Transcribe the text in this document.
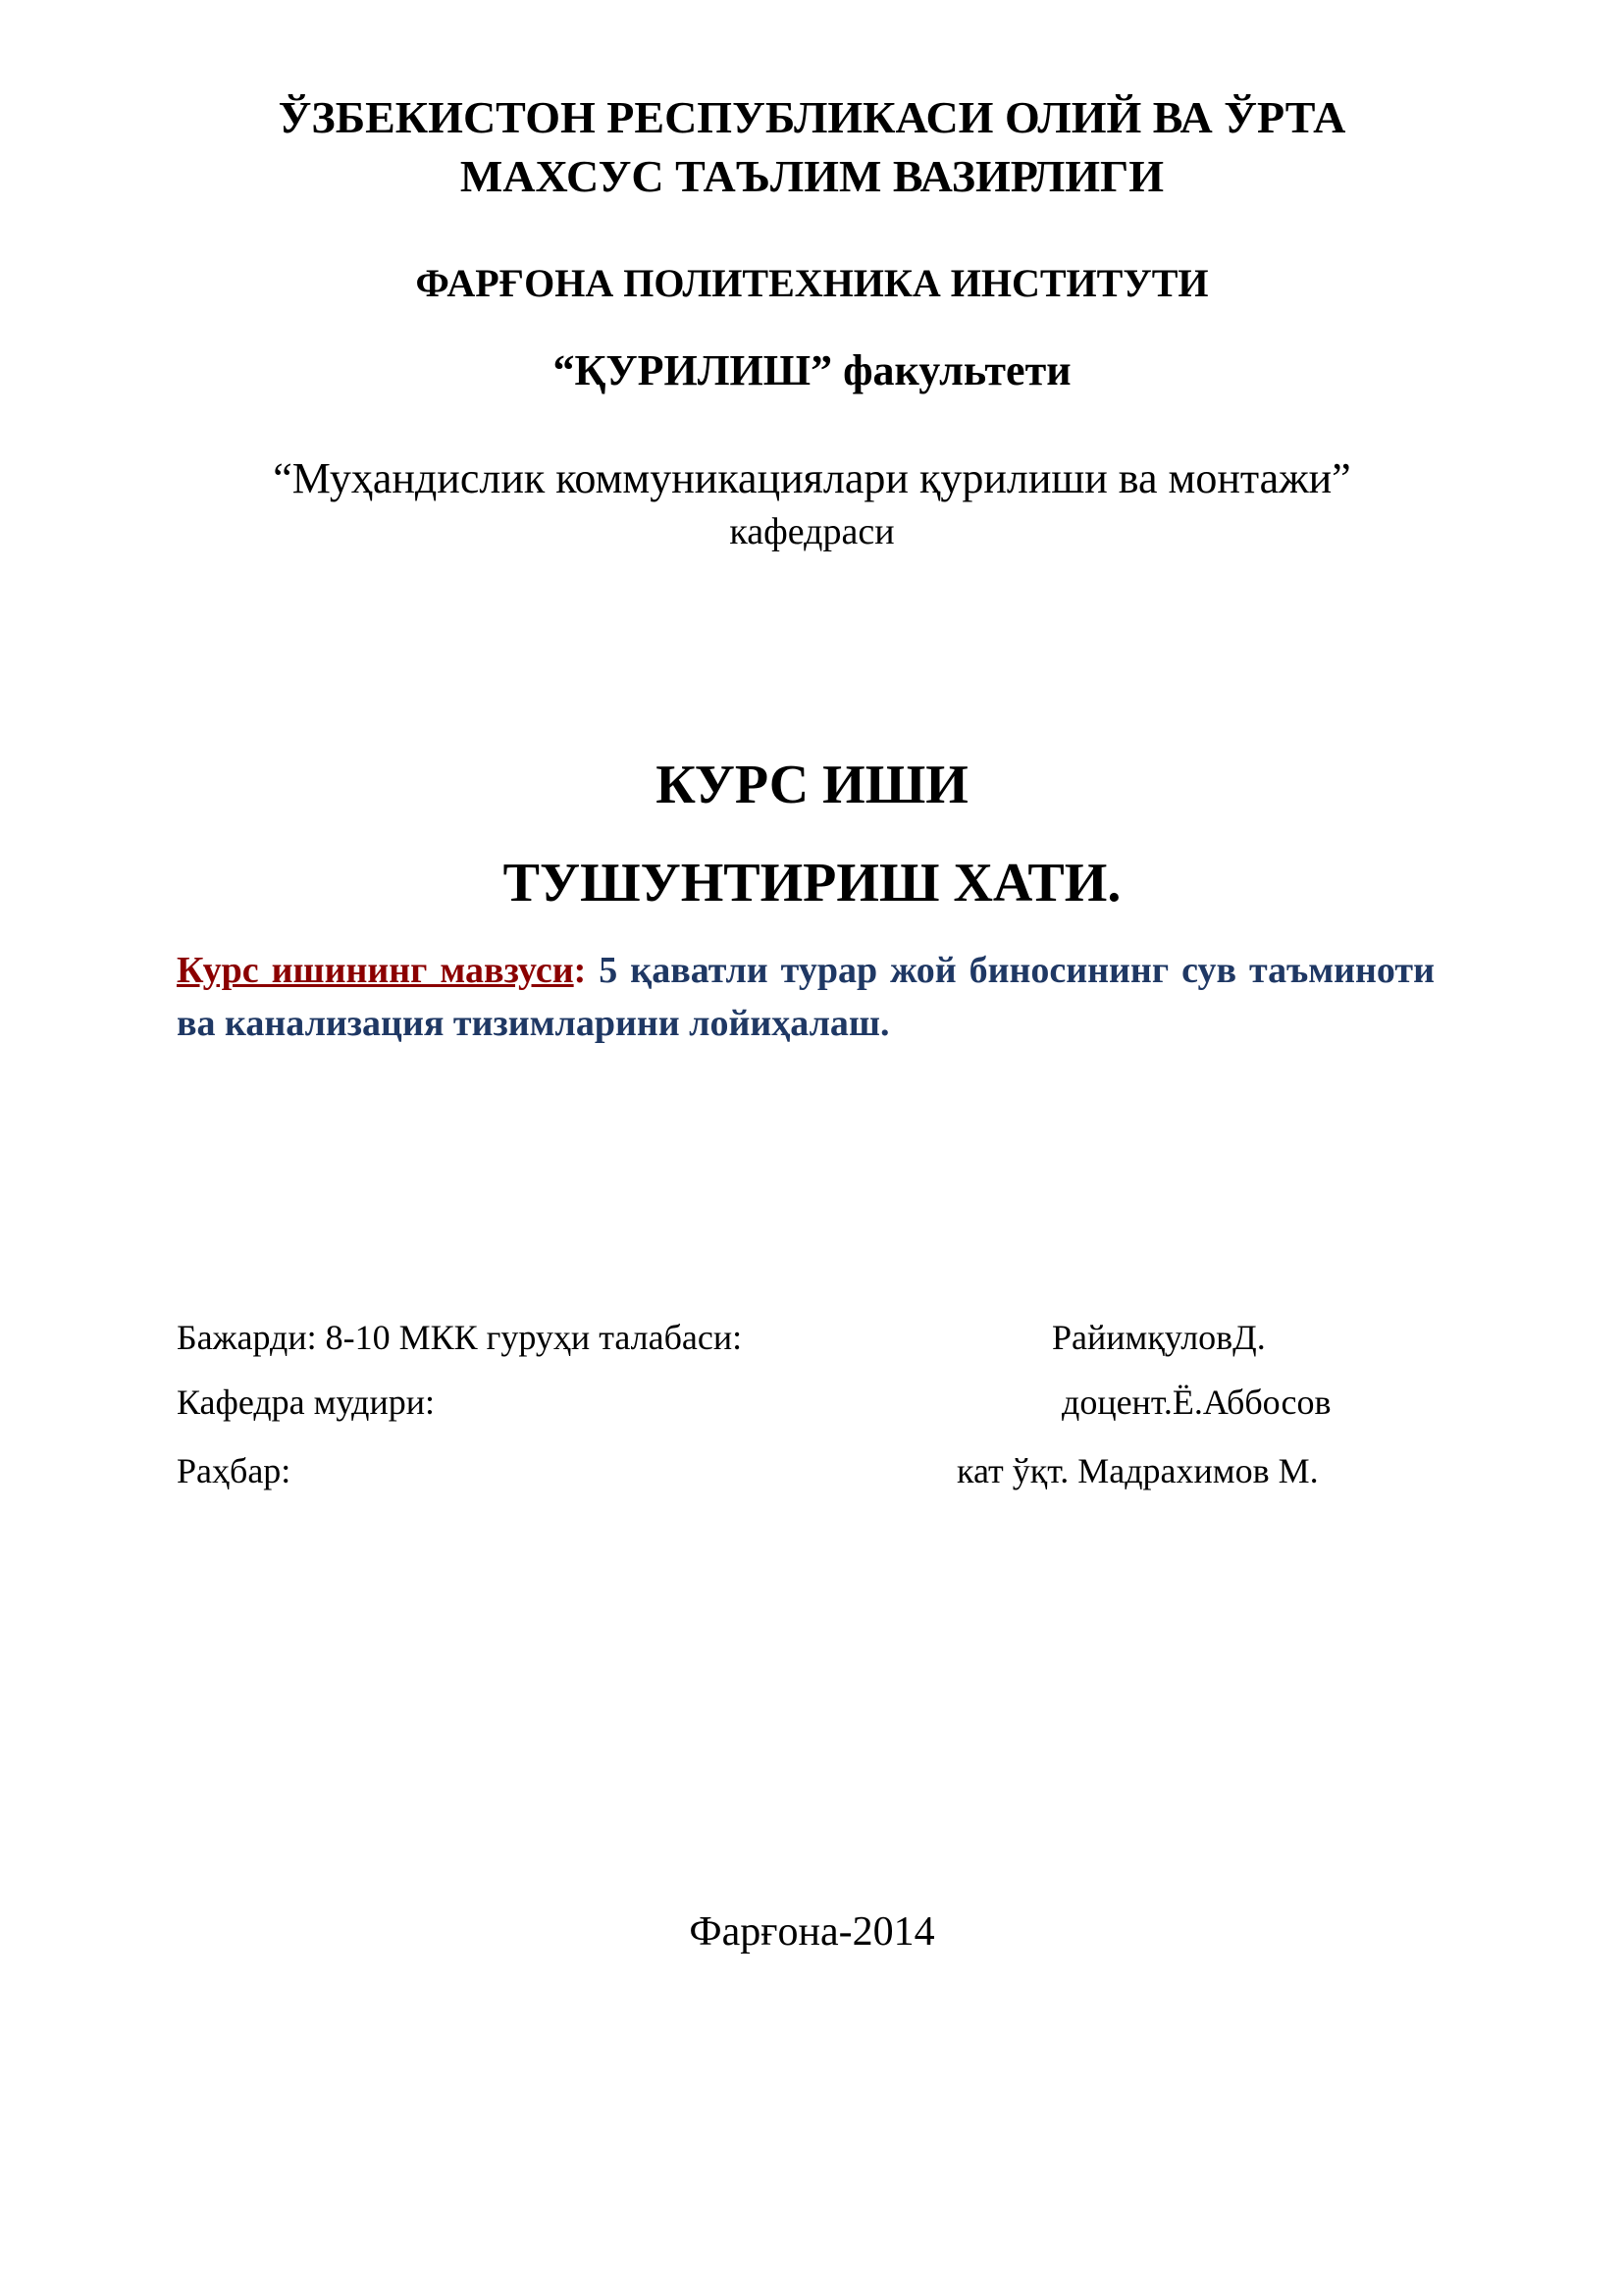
ЎЗБЕКИСТОН РЕСПУБЛИКАСИ ОЛИЙ ВА ЎРТА
МАХСУС ТАЪЛИМ ВАЗИРЛИГИ
ФАРҒОНА ПОЛИТЕХНИКА ИНСТИТУТИ
“ҚУРИЛИШ” факультети
“Муҳандислик коммуникациялари қурилиши ва монтажи”
кафедраси
КУРС ИШИ
ТУШУНТИРИШ ХАТИ.
Курс ишининг мавзуси: 5 қаватли турар жой биносининг сув таъминоти ва канализация тизимларини лойиҳалаш.
Бажарди: 8-10 МКК гуруҳи талабаси:	РайимқуловД.
Кафедра мудири:	доцент.Ё.Аббосов
Раҳбар:	кат ўқт. Мадрахимов М.
Фарғона-2014
